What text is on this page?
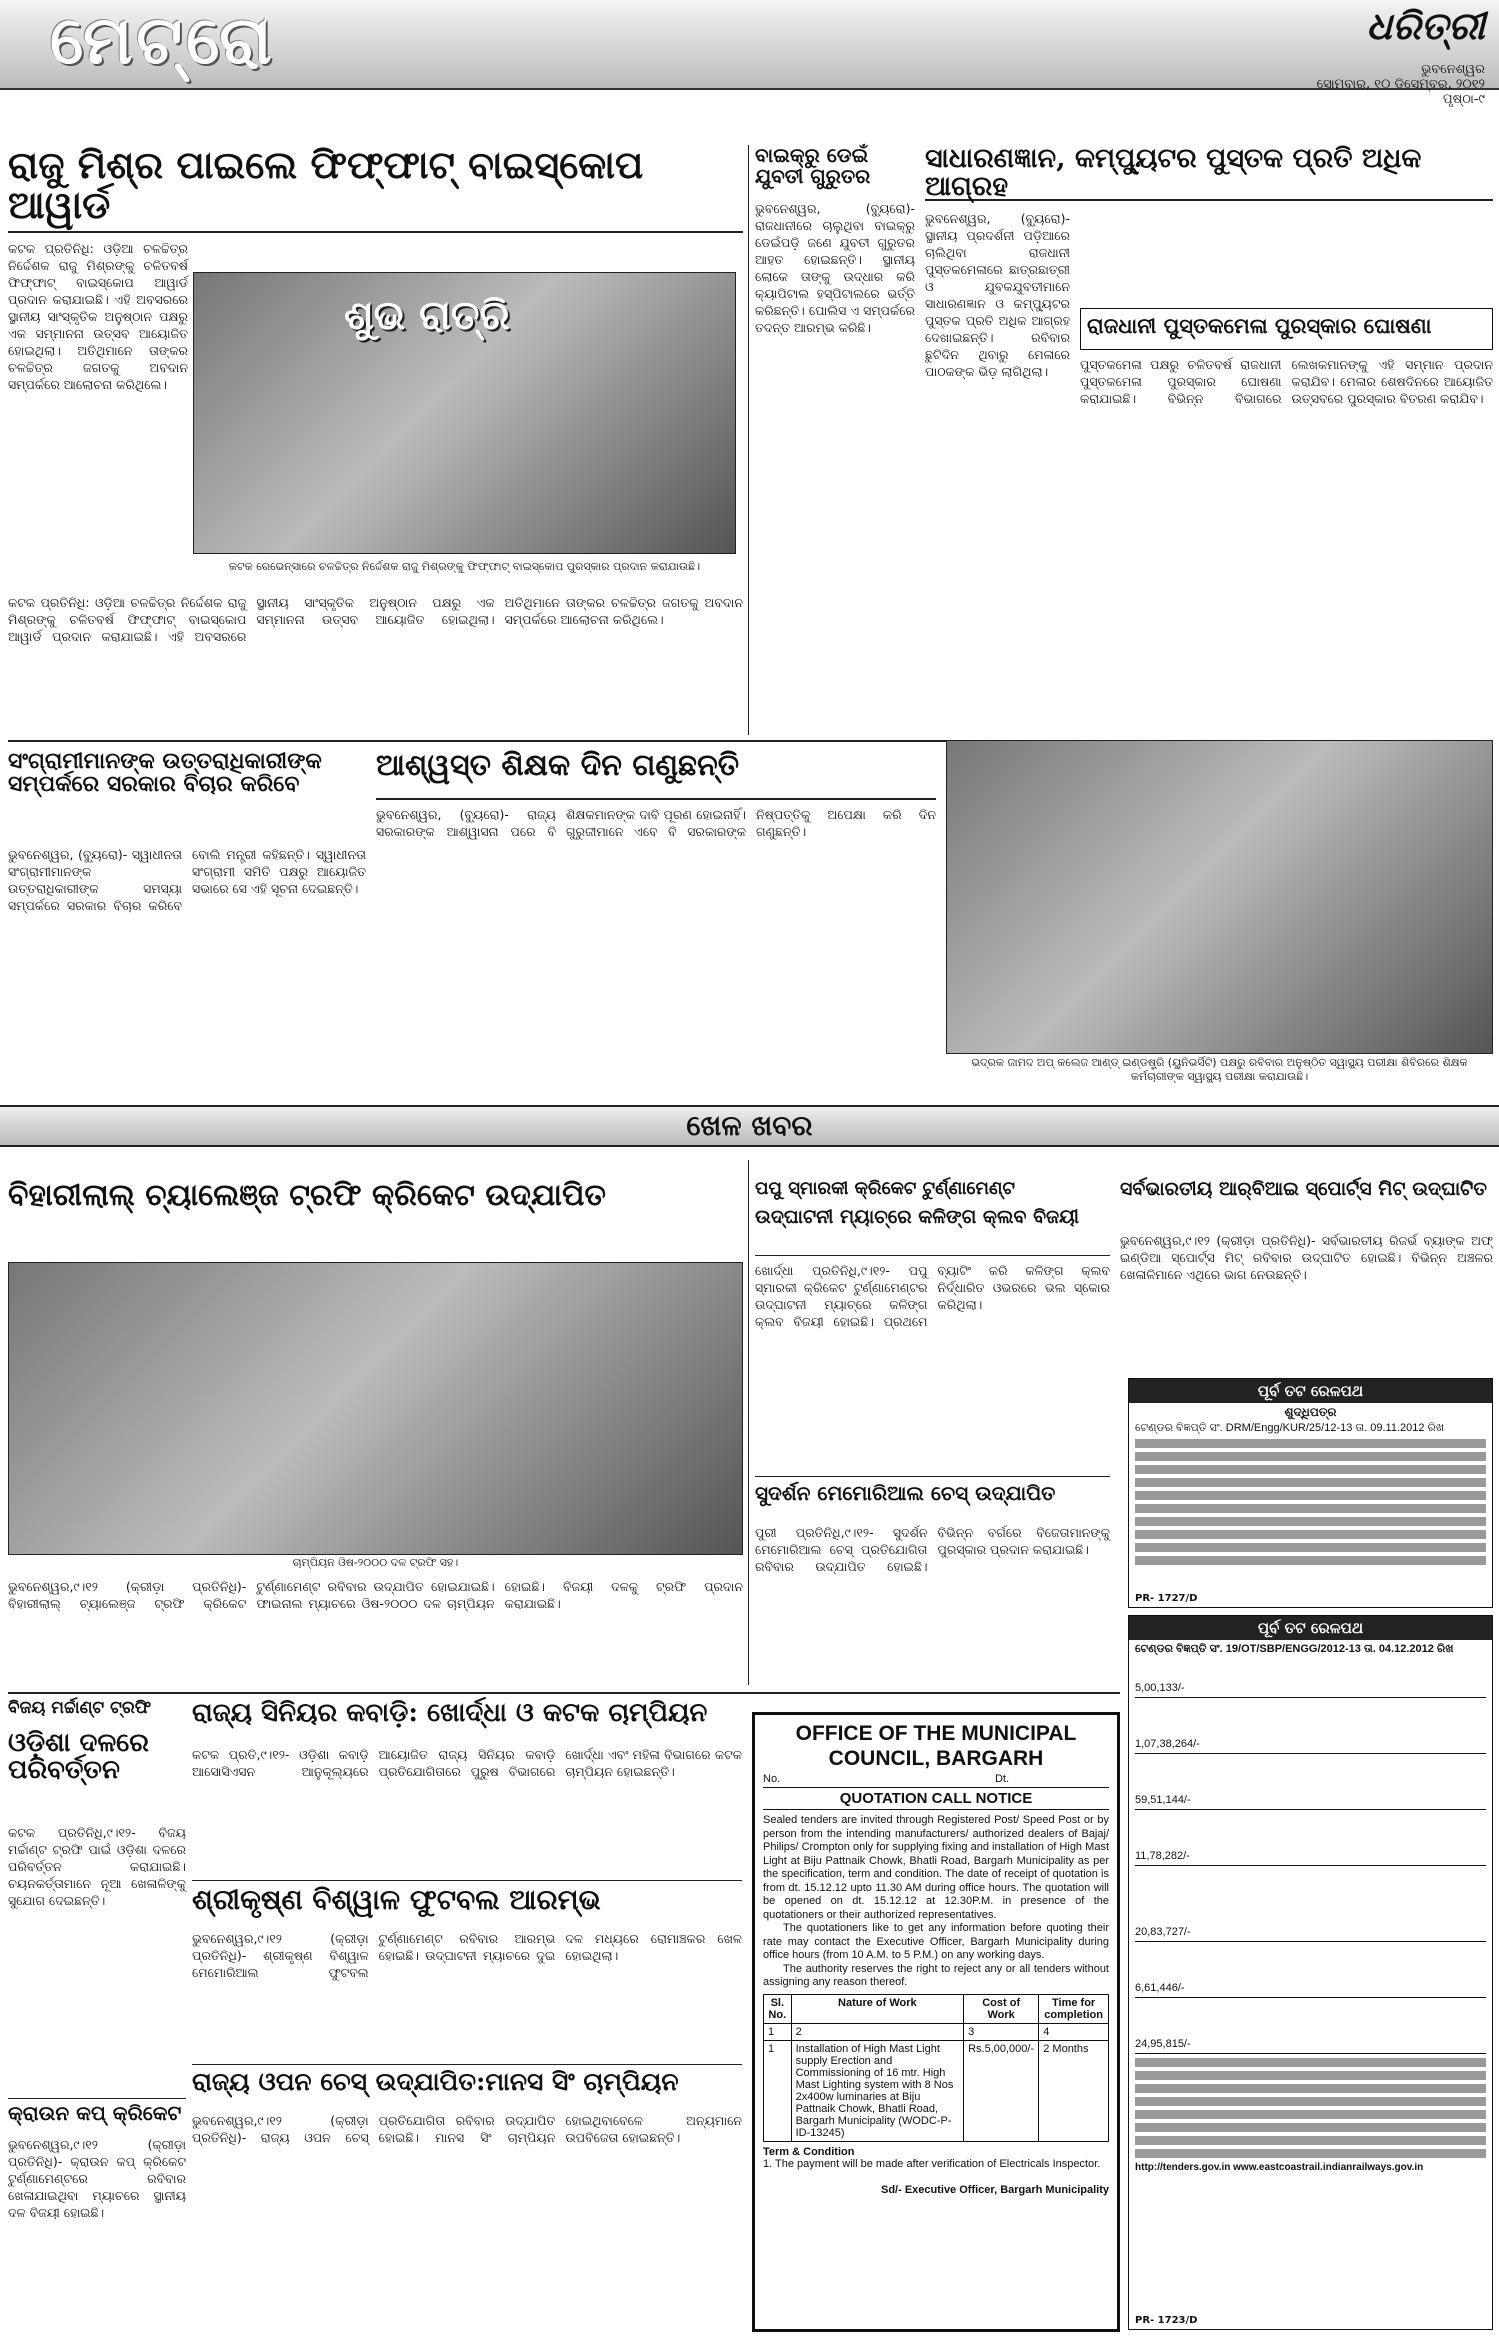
ମେଟ୍ରୋ	ଧରିତ୍ରୀ
ଭୁବନେଶ୍ୱର
ସୋମବାର, ୧୦ ଡିସେମ୍ବର, ୨୦୧୨
ପୃଷ୍ଠା-୯
ରାଜୁ ମିଶ୍ର ପାଇଲେ ଫିଫ୍‌ଫାଟ୍ ବାଇସ୍କୋପ ଆୱାର୍ଡ
କଟକ ପ୍ରତିନିଧି: ଓଡ଼ିଆ ଚଳଚ୍ଚିତ୍ର ନିର୍ଦ୍ଦେଶକ ରାଜୁ ମିଶ୍ରଙ୍କୁ ଚଳିତବର୍ଷ ଫିଫ୍‌ଫାଟ୍ ବାଇସ୍କୋପ ଆୱାର୍ଡ ପ୍ରଦାନ କରାଯାଇଛି। ଏହି ଅବସରରେ ସ୍ଥାନୀୟ ସାଂସ୍କୃତିକ ଅନୁଷ୍ଠାନ ପକ୍ଷରୁ ଏକ ସମ୍ମାନନା ଉତ୍ସବ ଆୟୋଜିତ ହୋଇଥିଲା। ଅତିଥିମାନେ ତାଙ୍କର ଚଳଚ୍ଚିତ୍ର ଜଗତକୁ ଅବଦାନ ସମ୍ପର୍କରେ ଆଲୋଚନା କରିଥିଲେ।
ଶୁଭ ରାତ୍ରି
କଟକ ରେଭେନ୍ସାରେ ଚଳଚ୍ଚିତ୍ର ନିର୍ଦ୍ଦେଶକ ରାଜୁ ମିଶ୍ରଙ୍କୁ ଫିଫ୍‌ଫାଟ୍ ବାଇସ୍କୋପ ପୁରସ୍କାର ପ୍ରଦାନ କରାଯାଉଛି।
କଟକ ପ୍ରତିନିଧି: ଓଡ଼ିଆ ଚଳଚ୍ଚିତ୍ର ନିର୍ଦ୍ଦେଶକ ରାଜୁ ମିଶ୍ରଙ୍କୁ ଚଳିତବର୍ଷ ଫିଫ୍‌ଫାଟ୍ ବାଇସ୍କୋପ ଆୱାର୍ଡ ପ୍ରଦାନ କରାଯାଇଛି। ଏହି ଅବସରରେ ସ୍ଥାନୀୟ ସାଂସ୍କୃତିକ ଅନୁଷ୍ଠାନ ପକ୍ଷରୁ ଏକ ସମ୍ମାନନା ଉତ୍ସବ ଆୟୋଜିତ ହୋଇଥିଲା। ଅତିଥିମାନେ ତାଙ୍କର ଚଳଚ୍ଚିତ୍ର ଜଗତକୁ ଅବଦାନ ସମ୍ପର୍କରେ ଆଲୋଚନା କରିଥିଲେ।
ବାଇକ୍‌ରୁ ଡେଇଁ ଯୁବତୀ ଗୁରୁତର
ଭୁବନେଶ୍ୱର, (ବ୍ୟୁରୋ)- ରାଜଧାନୀରେ ଚାଲୁଥିବା ବାଇକ୍‌ରୁ ଡେଇଁପଡ଼ି ଜଣେ ଯୁବତୀ ଗୁରୁତର ଆହତ ହୋଇଛନ୍ତି। ସ୍ଥାନୀୟ ଲୋକେ ତାଙ୍କୁ ଉଦ୍ଧାର କରି କ୍ୟାପିଟାଲ ହସ୍ପିଟାଲରେ ଭର୍ତ୍ତି କରିଛନ୍ତି। ପୋଲିସ ଏ ସମ୍ପର୍କରେ ତଦନ୍ତ ଆରମ୍ଭ କରିଛି।
ସାଧାରଣଜ୍ଞାନ, କମ୍ପ୍ୟୁଟର ପୁସ୍ତକ ପ୍ରତି ଅଧିକ ଆଗ୍ରହ
ଭୁବନେଶ୍ୱର, (ବ୍ୟୁରୋ)- ସ୍ଥାନୀୟ ପ୍ରଦର୍ଶନୀ ପଡ଼ିଆରେ ଚାଲିଥିବା ରାଜଧାନୀ ପୁସ୍ତକମେଳାରେ ଛାତ୍ରଛାତ୍ରୀ ଓ ଯୁବକଯୁବତୀମାନେ ସାଧାରଣଜ୍ଞାନ ଓ କମ୍ପ୍ୟୁଟର ପୁସ୍ତକ ପ୍ରତି ଅଧିକ ଆଗ୍ରହ ଦେଖାଇଛନ୍ତି। ରବିବାର ଛୁଟିଦିନ ଥିବାରୁ ମେଳାରେ ପାଠକଙ୍କ ଭିଡ଼ ଲାଗିଥିଲା।
ରାଜଧାନୀ ପୁସ୍ତକମେଳା ପୁରସ୍କାର ଘୋଷଣା
ପୁସ୍ତକମେଳା ପକ୍ଷରୁ ଚଳିତବର୍ଷ ରାଜଧାନୀ ପୁସ୍ତକମେଳା ପୁରସ୍କାର ଘୋଷଣା କରାଯାଇଛି। ବିଭିନ୍ନ ବିଭାଗରେ ଲେଖକମାନଙ୍କୁ ଏହି ସମ୍ମାନ ପ୍ରଦାନ କରାଯିବ। ମେଳାର ଶେଷଦିନରେ ଆୟୋଜିତ ଉତ୍ସବରେ ପୁରସ୍କାର ବିତରଣ କରାଯିବ।
ସଂଗ୍ରାମୀମାନଙ୍କ ଉତ୍ତରାଧିକାରୀଙ୍କ ସମ୍ପର୍କରେ ସରକାର ବିଚାର କରିବେ
ଭୁବନେଶ୍ୱର, (ବ୍ୟୁରୋ)- ସ୍ୱାଧୀନତା ସଂଗ୍ରାମୀମାନଙ୍କ ଉତ୍ତରାଧିକାରୀଙ୍କ ସମସ୍ୟା ସମ୍ପର୍କରେ ସରକାର ବିଚାର କରିବେ ବୋଲି ମନ୍ତ୍ରୀ କହିଛନ୍ତି। ସ୍ୱାଧୀନତା ସଂଗ୍ରାମୀ ସମିତି ପକ୍ଷରୁ ଆୟୋଜିତ ସଭାରେ ସେ ଏହି ସୂଚନା ଦେଇଛନ୍ତି।
ଆଶ୍ୱସ୍ତ ଶିକ୍ଷକ ଦିନ ଗଣୁଛନ୍ତି
ଭୁବନେଶ୍ୱର, (ବ୍ୟୁରୋ)- ରାଜ୍ୟ ସରକାରଙ୍କ ଆଶ୍ୱାସନା ପରେ ବି ଶିକ୍ଷକମାନଙ୍କ ଦାବି ପୂରଣ ହୋଇନାହିଁ। ଗୁରୁଜୀମାନେ ଏବେ ବି ସରକାରଙ୍କ ନିଷ୍ପତ୍ତିକୁ ଅପେକ୍ଷା କରି ଦିନ ଗଣୁଛନ୍ତି।
ଭଦ୍ରକ ଜାମଦ ଅପ୍ କଲେଜ ଆଣ୍ଡ୍ ଇଣ୍ଡଷ୍ଟ୍ରି (ୟୁନିଭର୍ସିଟି) ପକ୍ଷରୁ ରବିବାର ଅନୁଷ୍ଠିତ ସ୍ୱାସ୍ଥ୍ୟ ପରୀକ୍ଷା ଶିବିରରେ ଶିକ୍ଷକ କର୍ମଚାରୀଙ୍କ ସ୍ୱାସ୍ଥ୍ୟ ପରୀକ୍ଷା କରାଯାଉଛି।
ଖେଳ ଖବର
ବିହାରୀଲାଲ୍ ଚ୍ୟାଲେଞ୍ଜ ଟ୍ରଫି କ୍ରିକେଟ ଉଦ୍‌ଯାପିତ
ଚାମ୍ପିୟନ ଓିଷ-୨୦୦୦ ଦଳ ଟ୍ରଫି ସହ।
ଭୁବନେଶ୍ୱର,୯।୧୨ (କ୍ରୀଡ଼ା ପ୍ରତିନିଧି)- ବିହାରୀଲାଲ୍ ଚ୍ୟାଲେଞ୍ଜ ଟ୍ରଫି କ୍ରିକେଟ ଟୁର୍ଣ୍ଣାମେଣ୍ଟ ରବିବାର ଉଦ୍‌ଯାପିତ ହୋଇଯାଇଛି। ଫାଇନାଲ ମ୍ୟାଚରେ ଓିଷ-୨୦୦୦ ଦଳ ଚାମ୍ପିୟନ ହୋଇଛି। ବିଜୟୀ ଦଳକୁ ଟ୍ରଫି ପ୍ରଦାନ କରାଯାଇଛି।
ପପୁ ସ୍ମାରକୀ କ୍ରିକେଟ ଟୁର୍ଣ୍ଣାମେଣ୍ଟ
ଉଦ୍‌ଘାଟନୀ ମ୍ୟାଚ୍‌ରେ କଳିଙ୍ଗ କ୍ଲବ ବିଜୟୀ
ଖୋର୍ଦ୍ଧା ପ୍ରତିନିଧି,୯।୧୨- ପପୁ ସ୍ମାରକୀ କ୍ରିକେଟ ଟୁର୍ଣ୍ଣାମେଣ୍ଟର ଉଦ୍‌ଘାଟନୀ ମ୍ୟାଚ୍‌ରେ କଳିଙ୍ଗ କ୍ଲବ ବିଜୟୀ ହୋଇଛି। ପ୍ରଥମେ ବ୍ୟାଟିଂ କରି କଳିଙ୍ଗ କ୍ଲବ ନିର୍ଦ୍ଧାରିତ ଓଭରରେ ଭଲ ସ୍କୋର କରିଥିଲା।
ସୁଦର୍ଶନ ମେମୋରିଆଲ ଚେସ୍ ଉଦ୍‌ଯାପିତ
ପୁରୀ ପ୍ରତିନିଧି,୯।୧୨- ସୁଦର୍ଶନ ମେମୋରିଆଲ ଚେସ୍ ପ୍ରତିଯୋଗିତା ରବିବାର ଉଦ୍‌ଯାପିତ ହୋଇଛି। ବିଭିନ୍ନ ବର୍ଗରେ ବିଜେତାମାନଙ୍କୁ ପୁରସ୍କାର ପ୍ରଦାନ କରାଯାଇଛି।
ସର୍ବଭାରତୀୟ ଆର୍‌ବିଆଇ ସ୍ପୋର୍ଟ୍‌ସ ମିଟ୍ ଉଦ୍‌ଘାଟିତ
ଭୁବନେଶ୍ୱର,୯।୧୨ (କ୍ରୀଡ଼ା ପ୍ରତିନିଧି)- ସର୍ବଭାରତୀୟ ରିଜର୍ଭ ବ୍ୟାଙ୍କ ଅଫ୍ ଇଣ୍ଡିଆ ସ୍ପୋର୍ଟ୍‌ସ ମିଟ୍ ରବିବାର ଉଦ୍‌ଘାଟିତ ହୋଇଛି। ବିଭିନ୍ନ ଅଞ୍ଚଳର ଖେଳାଳିମାନେ ଏଥିରେ ଭାଗ ନେଉଛନ୍ତି।
ପୂର୍ବ ତଟ ରେଳପଥ
ଶୁଦ୍ଧିପତ୍ର
ଟେଣ୍ଡର ବିଜ୍ଞପ୍ତି ସଂ. DRM/Engg/KUR/25/12-13 ତା. 09.11.2012 ରିଖ
PR- 1727/D
ପୂର୍ବ ତଟ ରେଳପଥ
ଟେଣ୍ଡର ବିଜ୍ଞପ୍ତି ସଂ. 19/OT/SBP/ENGG/2012-13 ତା. 04.12.2012 ରିଖ
5,00,133/-
1,07,38,264/-
59,51,144/-
11,78,282/-
20,83,727/-
6,61,446/-
24,95,815/-
http://tenders.gov.in www.eastcoastrail.indianrailways.gov.in
PR- 1723/D
ବିଜୟ ମର୍ଚ୍ଚାଣ୍ଟ ଟ୍ରଫି
ଓଡ଼ିଶା ଦଳରେ ପରିବର୍ତ୍ତନ
କଟକ ପ୍ରତିନିଧି,୯।୧୨- ବିଜୟ ମର୍ଚ୍ଚାଣ୍ଟ ଟ୍ରଫି ପାଇଁ ଓଡ଼ିଶା ଦଳରେ ପରିବର୍ତ୍ତନ କରାଯାଇଛି। ଚୟନକର୍ତ୍ତାମାନେ ନୂଆ ଖେଳାଳିଙ୍କୁ ସୁଯୋଗ ଦେଇଛନ୍ତି।
ରାଜ୍ୟ ସିନିୟର କବାଡ଼ି: ଖୋର୍ଦ୍ଧା ଓ କଟକ ଚାମ୍ପିୟନ
କଟକ ପ୍ରତି,୯।୧୨- ଓଡ଼ିଶା କବାଡ଼ି ଆସୋସିଏସନ ଆନୁକୂଲ୍ୟରେ ଆୟୋଜିତ ରାଜ୍ୟ ସିନିୟର କବାଡ଼ି ପ୍ରତିଯୋଗିତାରେ ପୁରୁଷ ବିଭାଗରେ ଖୋର୍ଦ୍ଧା ଏବଂ ମହିଳା ବିଭାଗରେ କଟକ ଚାମ୍ପିୟନ ହୋଇଛନ୍ତି।
ଶ୍ରୀକୃଷ୍ଣ ବିଶ୍ୱାଳ ଫୁଟବଲ ଆରମ୍ଭ
ଭୁବନେଶ୍ୱର,୯।୧୨ (କ୍ରୀଡ଼ା ପ୍ରତିନିଧି)- ଶ୍ରୀକୃଷ୍ଣ ବିଶ୍ୱାଳ ମେମୋରିଆଲ ଫୁଟବଲ ଟୁର୍ଣ୍ଣାମେଣ୍ଟ ରବିବାର ଆରମ୍ଭ ହୋଇଛି। ଉଦ୍‌ଘାଟନୀ ମ୍ୟାଚରେ ଦୁଇ ଦଳ ମଧ୍ୟରେ ରୋମାଞ୍ଚକର ଖେଳ ହୋଇଥିଲା।
ରାଜ୍ୟ ଓପନ ଚେସ୍ ଉଦ୍‌ଯାପିତ:ମାନସ ସିଂ ଚାମ୍ପିୟନ
ଭୁବନେଶ୍ୱର,୯।୧୨ (କ୍ରୀଡ଼ା ପ୍ରତିନିଧି)- ରାଜ୍ୟ ଓପନ ଚେସ୍ ପ୍ରତିଯୋଗିତା ରବିବାର ଉଦ୍‌ଯାପିତ ହୋଇଛି। ମାନସ ସିଂ ଚାମ୍ପିୟନ ହୋଇଥିବାବେଳେ ଅନ୍ୟମାନେ ଉପବିଜେତା ହୋଇଛନ୍ତି।
କ୍ରାଉନ କପ୍ କ୍ରିକେଟ
ଭୁବନେଶ୍ୱର,୯।୧୨ (କ୍ରୀଡ଼ା ପ୍ରତିନିଧି)- କ୍ରାଉନ କପ୍ କ୍ରିକେଟ ଟୁର୍ଣ୍ଣାମେଣ୍ଟରେ ରବିବାର ଖେଳାଯାଇଥିବା ମ୍ୟାଚରେ ସ୍ଥାନୀୟ ଦଳ ବିଜୟୀ ହୋଇଛି।
OFFICE OF THE MUNICIPAL COUNCIL, BARGARH
No.	Dt.
QUOTATION CALL NOTICE
Sealed tenders are invited through Registered Post/ Speed Post or by person from the intending manufacturers/ authorized dealers of Bajaj/ Philips/ Crompton only for supplying fixing and installation of High Mast Light at Biju Pattnaik Chowk, Bhatli Road, Bargarh Municipality as per the specification, term and condition. The date of receipt of quotation is from dt. 15.12.12 upto 11.30 AM during office hours. The quotation will be opened on dt. 15.12.12 at 12.30P.M. in presence of the quotationers or their authorized representatives.
The quotationers like to get any information before quoting their rate may contact the Executive Officer, Bargarh Municipality during office hours (from 10 A.M. to 5 P.M.) on any working days.
The authority reserves the right to reject any or all tenders without assigning any reason thereof.
Sl. No.	Nature of Work	Cost of Work	Time for completion
1	2	3	4
1	Installation of High Mast Light supply Erection and Commissioning of 16 mtr. High Mast Lighting system with 8 Nos 2x400w luminaries at Biju Pattnaik Chowk, Bhatli Road, Bargarh Municipality (WODC-P-ID-13245)	Rs.5,00,000/-	2 Months
Term & Condition
1. The payment will be made after verification of Electricals Inspector.
Sd/- Executive Officer, Bargarh Municipality
